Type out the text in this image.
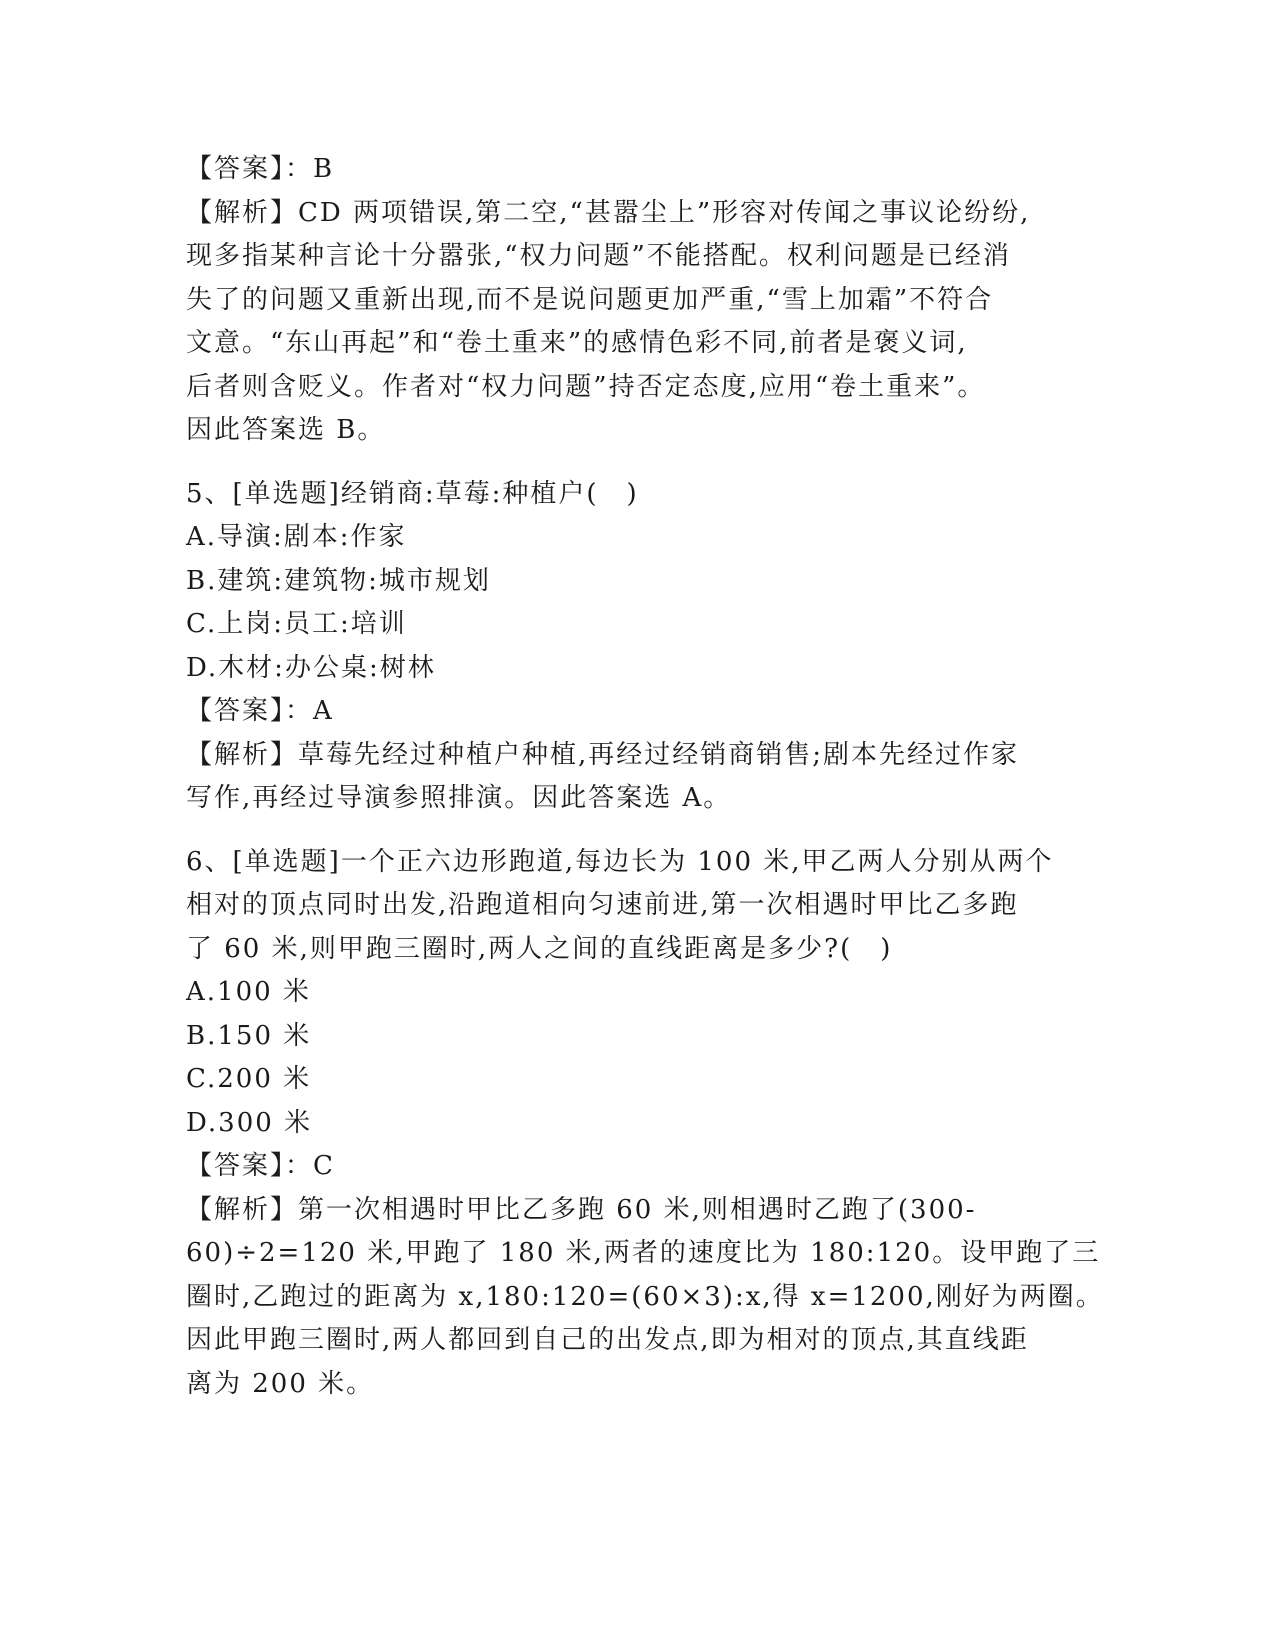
【答案】：B
【解析】CD 两项错误,第二空,“甚嚣尘上”形容对传闻之事议论纷纷,
现多指某种言论十分嚣张,“权力问题”不能搭配。权利问题是已经消
失了的问题又重新出现,而不是说问题更加严重,“雪上加霜”不符合
文意。“东山再起”和“卷土重来”的感情色彩不同,前者是褒义词,
后者则含贬义。作者对“权力问题”持否定态度,应用“卷土重来”。
因此答案选 B。
5、[单选题]经销商:草莓:种植户(　)
A.导演:剧本:作家
B.建筑:建筑物:城市规划
C.上岗:员工:培训
D.木材:办公桌:树林
【答案】：A
【解析】草莓先经过种植户种植,再经过经销商销售;剧本先经过作家
写作,再经过导演参照排演。因此答案选 A。
6、[单选题]一个正六边形跑道,每边长为 100 米,甲乙两人分别从两个
相对的顶点同时出发,沿跑道相向匀速前进,第一次相遇时甲比乙多跑
了 60 米,则甲跑三圈时,两人之间的直线距离是多少?(　)
A.100 米
B.150 米
C.200 米
D.300 米
【答案】：C
【解析】第一次相遇时甲比乙多跑 60 米,则相遇时乙跑了(300-
60)÷2=120 米,甲跑了 180 米,两者的速度比为 180:120。设甲跑了三
圈时,乙跑过的距离为 x,180:120=(60×3):x,得 x=1200,刚好为两圈。
因此甲跑三圈时,两人都回到自己的出发点,即为相对的顶点,其直线距
离为 200 米。
